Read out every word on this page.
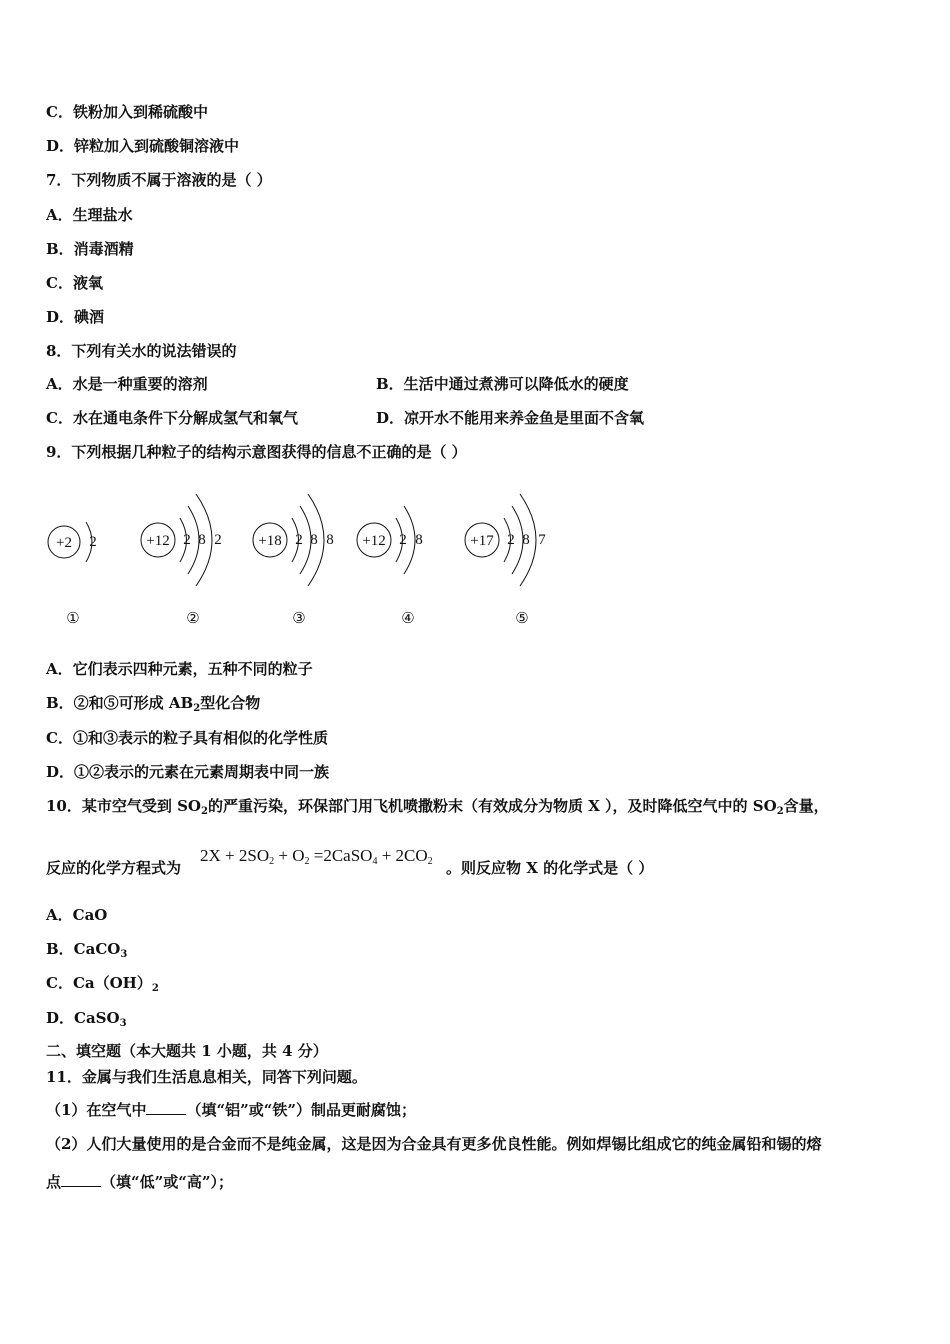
C．铁粉加入到稀硫酸中
D．锌粒加入到硫酸铜溶液中
7．下列物质不属于溶液的是（ ）
A．生理盐水
B．消毒酒精
C．液氧
D．碘酒
8．下列有关水的说法错误的
A．水是一种重要的溶剂	B．生活中通过煮沸可以降低水的硬度
C．水在通电条件下分解成氢气和氧气	D．凉开水不能用来养金鱼是里面不含氧
9．下列根据几种粒子的结构示意图获得的信息不正确的是（ ）
+2 2
①
+12 2 8 2
②
+18 2 8 8
③
+12 2 8
④
+17 2 8 7
⑤
A．它们表示四种元素，五种不同的粒子
B．②和⑤可形成 $AB_2$型化合物
C．①和③表示的粒子具有相似的化学性质
D．①②表示的元素在元素周期表中同一族
10．某市空气受到 $SO_2$的严重污染，环保部门用飞机喷撒粉末（有效成分为物质 X ），及时降低空气中的 $SO_2$含量，
反应的化学方程式为	。则反应物 X 的化学式是（ ）
$2X + 2SO_2 + O_2$ =2CaSO$_4$ + $2CO_2$
A．CaO
B．CaCO$_3$
C．$Ca(OH)_2$
D．CaSO$_3$
二、填空题（本大题共 1 小题，共 4 分）
11．金属与我们生活息息相关，同答下列问题。
（1）在空气中	（填“铝”或“铁”）制品更耐腐蚀；
（2）人们大量使用的是合金而不是纯金属，这是因为合金具有更多优良性能。例如焊锡比组成它的纯金属铅和锡的熔
点	（填“低”或“高”）；
